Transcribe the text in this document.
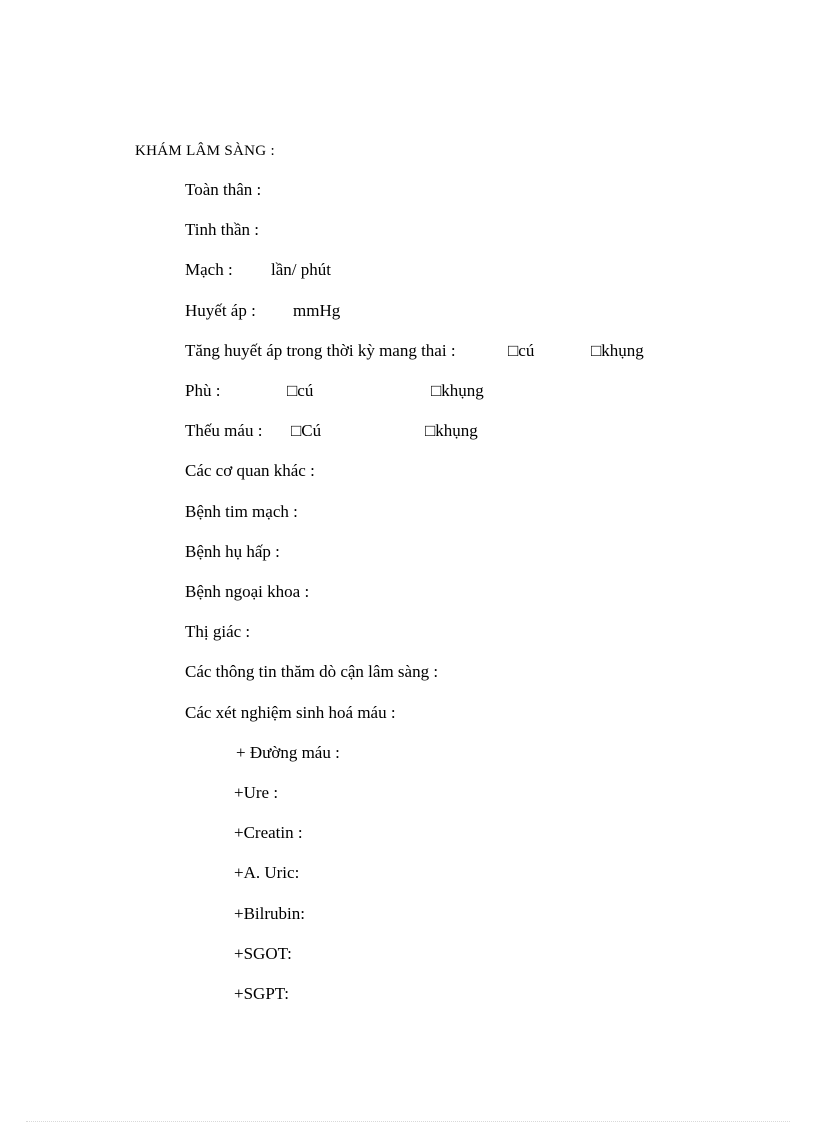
KHÁM LÂM SÀNG :
Toàn thân :
Tinh thần :
Mạch : lần/ phút
Huyết áp : mmHg
Tăng huyết áp trong thời kỳ mang thai :	□cú	□khụng
Phù :	□cú	□khụng
Thếu máu : □Cú	□khụng
Các cơ quan khác :
Bệnh tim mạch :
Bệnh hụ hấp :
Bệnh ngoại khoa :
Thị giác :
Các thông tin thăm dò cận lâm sàng :
Các xét nghiệm sinh hoá máu :
+ Đường máu :
+Ure :
+Creatin :
+A. Uric:
+Bilrubin:
+SGOT:
+SGPT:
